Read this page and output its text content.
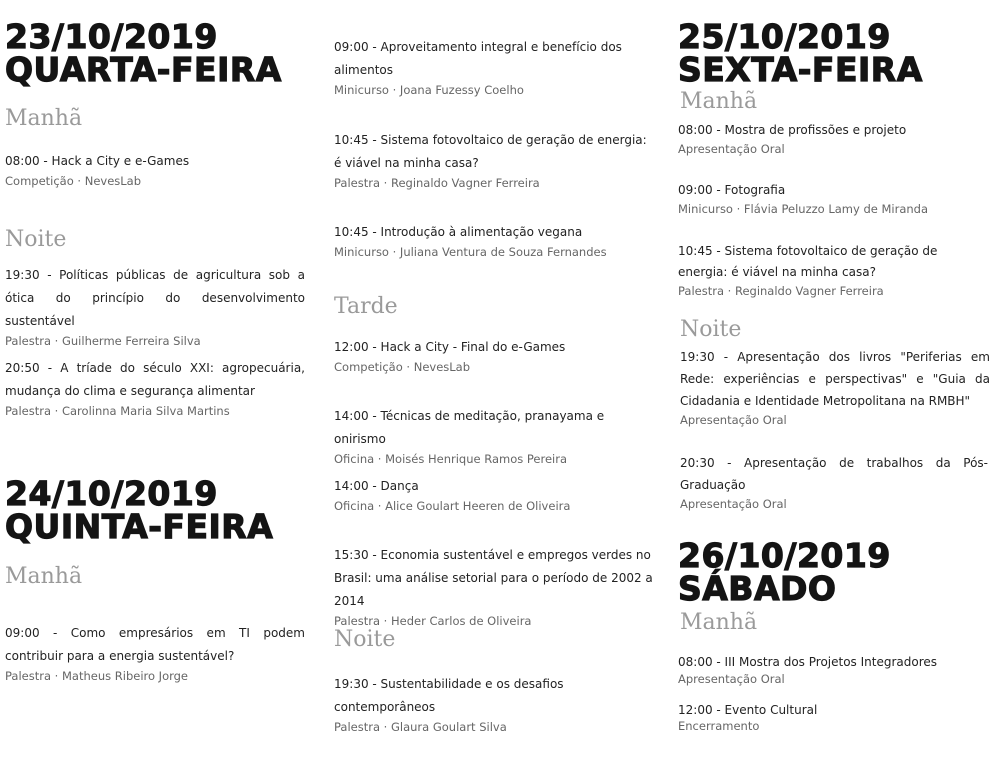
23/10/2019
QUARTA-FEIRA
Manhã

08:00 - Hack a City e e-Games

Competição · NevesLab

Noite

19:30 - Políticas públicas de agricultura sob a ótica do princípio do desenvolvimento sustentável

Palestra · Guilherme Ferreira Silva

20:50 - A tríade do século XXI: agropecuária, mudança do clima e segurança alimentar

Palestra · Carolinna Maria Silva Martins

24/10/2019
QUINTA-FEIRA
Manhã

09:00 - Como empresários em TI podem contribuir para a energia sustentável?

Palestra · Matheus Ribeiro Jorge

09:00 - Aproveitamento integral e benefício dos alimentos

Minicurso · Joana Fuzessy Coelho

10:45 - Sistema fotovoltaico de geração de energia: é viável na minha casa?

Palestra · Reginaldo Vagner Ferreira

10:45 - Introdução à alimentação vegana

Minicurso · Juliana Ventura de Souza Fernandes

Tarde

12:00 - Hack a City - Final do e-Games

Competição · NevesLab

14:00 - Técnicas de meditação, pranayama e onirismo

Oficina · Moisés Henrique Ramos Pereira

14:00 - Dança

Oficina · Alice Goulart Heeren de Oliveira

15:30 - Economia sustentável e empregos verdes no Brasil: uma análise setorial para o período de 2002 a 2014

Palestra · Heder Carlos de Oliveira

Noite

19:30 - Sustentabilidade e os desafios contemporâneos

Palestra · Glaura Goulart Silva

25/10/2019
SEXTA-FEIRA
Manhã

08:00 - Mostra de profissões e projeto

Apresentação Oral

09:00 - Fotografia

Minicurso · Flávia Peluzzo Lamy de Miranda

10:45 - Sistema fotovoltaico de geração de energia: é viável na minha casa?

Palestra · Reginaldo Vagner Ferreira

Noite

19:30 - Apresentação dos livros "Periferias em Rede: experiências e perspectivas" e "Guia da Cidadania e Identidade Metropolitana na RMBH"

Apresentação Oral

20:30 - Apresentação de trabalhos da Pós-Graduação

Apresentação Oral

26/10/2019
SÁBADO
Manhã

08:00 - III Mostra dos Projetos Integradores

Apresentação Oral

12:00 - Evento Cultural

Encerramento
